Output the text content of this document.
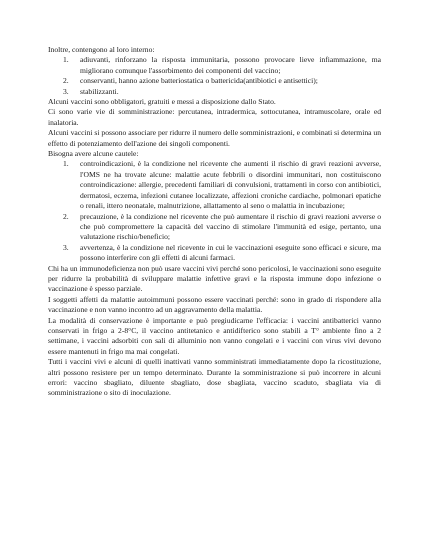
Inoltre, contengono al loro interno:

1. adiuvanti, rinforzano la risposta immunitaria, possono provocare lieve infiammazione, ma migliorano comunque l'assorbimento dei componenti del vaccino;
2. conservanti, hanno azione batteriostatica o battericida(antibiotici e antisettici);
3. stabilizzanti.

Alcuni vaccini sono obbligatori, gratuiti e messi a disposizione dallo Stato.

Ci sono varie vie di somministrazione: percutanea, intradermica, sottocutanea, intramuscolare, orale ed inalatoria.

Alcuni vaccini si possono associare per ridurre il numero delle somministrazioni, e combinati si determina un effetto di potenziamento dell'azione dei singoli componenti.

Bisogna avere alcune cautele:

1. controindicazioni, è la condizione nel ricevente che aumenti il rischio di gravi reazioni avverse, l'OMS ne ha trovate alcune: malattie acute febbrili o disordini immunitari, non costituiscono controindicazione: allergie, precedenti familiari di convulsioni, trattamenti in corso con antibiotici, dermatosi, eczema, infezioni cutanee localizzate, affezioni croniche cardiache, polmonari epatiche o renali, ittero neonatale, malnutrizione, allattamento al seno o malattia in incubazione;
2. precauzione, è la condizione nel ricevente che può aumentare il rischio di gravi reazioni avverse o che può compromettere la capacità del vaccino di stimolare l'immunità ed esige, pertanto, una valutazione rischio/beneficio;
3. avvertenza, è la condizione nel ricevente in cui le vaccinazioni eseguite sono efficaci e sicure, ma possono interferire con gli effetti di alcuni farmaci.

Chi ha un immunodeficienza non può usare vaccini vivi perché sono pericolosi, le vaccinazioni sono eseguite per ridurre la probabilità di sviluppare malattie infettive gravi e la risposta immune dopo infezione o vaccinazione è spesso parziale.

I soggetti affetti da malattie autoimmuni possono essere vaccinati perché: sono in grado di rispondere alla vaccinazione e non vanno incontro ad un aggravamento della malattia.

La modalità di conservazione è importante e può pregiudicarne l'efficacia: i vaccini antibatterici vanno conservati in frigo a 2-8°C, il vaccino antitetanico e antidifterico sono stabili a T° ambiente fino a 2 settimane, i vaccini adsorbiti con sali di alluminio non vanno congelati e i vaccini con virus vivi devono essere mantenuti in frigo ma mai congelati.

Tutti i vaccini vivi e alcuni di quelli inattivati vanno somministrati immediatamente dopo la ricostituzione, altri possono resistere per un tempo determinato. Durante la somministrazione si può incorrere in alcuni errori: vaccino sbagliato, diluente sbagliato, dose sbagliata, vaccino scaduto, sbagliata via di somministrazione o sito di inoculazione.
